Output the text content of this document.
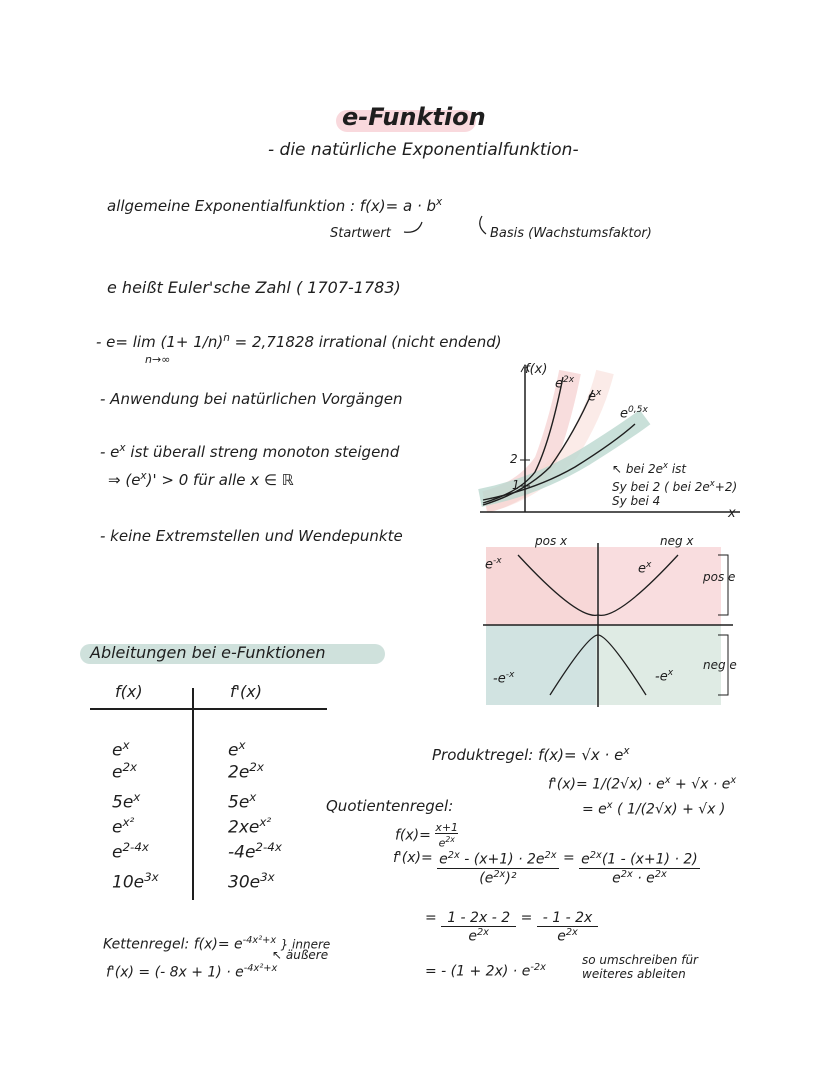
e-Funktion
- die natürliche Exponentialfunktion-
allgemeine Exponentialfunktion : $f(x)= a \cdot b^x$
Startwert	Basis (Wachstumsfaktor)
e heißt Euler'sche Zahl ( 1707-1783)
- $e= \lim (1+ 1/n)^n = 2,71828$ irrational (nicht endend)
n→∞
- Anwendung bei natürlichen Vorgängen
- $e^x$ ist überall streng monoton steigend
⇒ $(e^x)' > 0$ für alle x ∈ ℝ
- keine Extremstellen und Wendepunkte
f(x)
2
1
$e^{2x}$
$e^x$
$e^{0,5x}$
↖ bei $2e^x$ ist
Sy bei 2 ( bei $2e^x+2$)
Sy bei 4
x
pos x	neg x
pos e
neg e
$e^{-x}$
$e^x$
$-e^{-x}$	$-e^x$
Ableitungen bei e-Funktionen
f(x)	f'(x)
$e^x$	$e^x$
$e^{2x}$	$2e^{2x}$
$5e^x$	$5e^x$
$e^{x^2}$	$2xe^{x^2}$
$e^{2-4x}$	$-4e^{2-4x}$
$10e^{3x}$	$30e^{3x}$
Produktregel: $f(x)= √x \cdot e^x$
$f'(x)= 1/(2√x) \cdot e^x + √x \cdot e^x$
= $e^x$ ( 1/(2√x) + √x )
Quotientenregel:
$f(x)= \frac{x+1}{e^{2x}}$
$f'(x)= \frac{e^{2x} - (x+1) \cdot 2e^{2x}}{(e^{2x})^2} = \frac{e^{2x}(1 - (x+1) \cdot 2)}{e^{2x} \cdot e^{2x}}$
= $\frac{1 - 2x - 2}{e^{2x}} = \frac{- 1 - 2x}{e^{2x}}$
= - $(1 + 2x) \cdot e^{-2x}$
so umschreiben für
weiteres ableiten
Kettenregel: $f(x)= e^{-4x^2+x}$ } innere
↖ äußere
f'(x) = (- $8x + 1) \cdot e^{-4x^2+x}$
